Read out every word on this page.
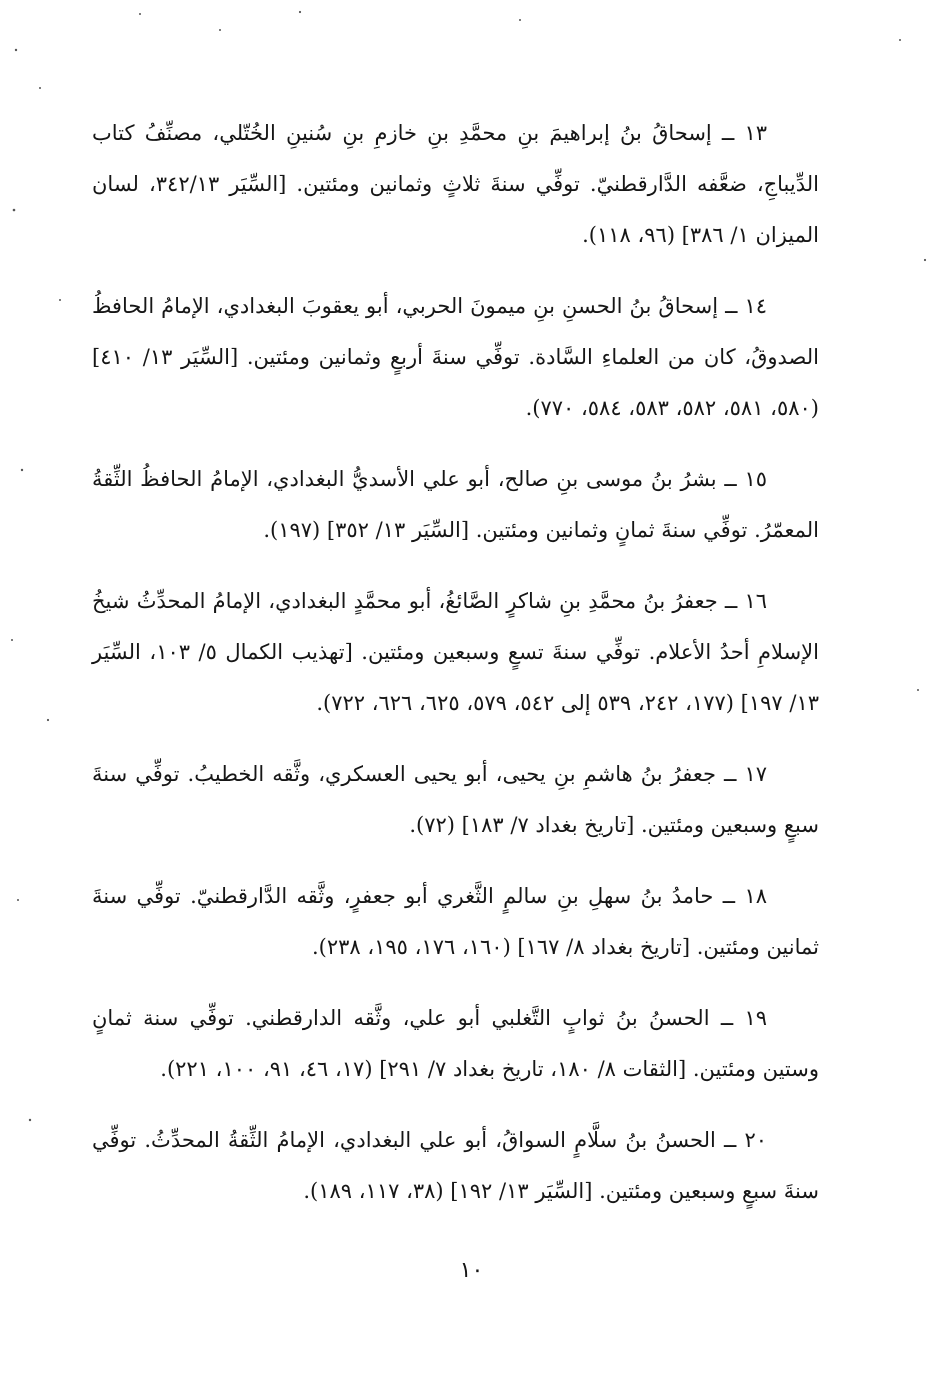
١٣ ــ إسحاقُ بنُ إبراهيمَ بنِ محمَّدِ بنِ خازمِ بنِ سُنينِ الخُتّلي، مصنِّفُ كتاب الدِّيباجِ، ضعَّفه الدَّارقطنيّ. توفِّي سنةَ ثلاثٍ وثمانين ومئتين. [السِّيَر ٣٤٢/١٣، لسان الميزان ١/ ٣٨٦] (٩٦، ١١٨).

١٤ ــ إسحاقُ بنُ الحسنِ بنِ ميمونَ الحربي، أبو يعقوبَ البغدادي، الإمامُ الحافظُ الصدوقُ، كان من العلماءِ السَّادة. توفِّي سنةَ أربعٍ وثمانين ومئتين. [السِّيَر ١٣/ ٤١٠] (٥٨٠، ٥٨١، ٥٨٢، ٥٨٣، ٥٨٤، ٧٧٠).

١٥ ــ بشرُ بنُ موسى بنِ صالح، أبو علي الأسديُّ البغدادي، الإمامُ الحافظُ الثِّقةُ المعمّرُ. توفِّي سنةَ ثمانٍ وثمانين ومئتين. [السِّيَر ١٣/ ٣٥٢] (١٩٧).

١٦ ــ جعفرُ بنُ محمَّدِ بنِ شاكرٍ الصَّائغُ، أبو محمَّدٍ البغدادي، الإمامُ المحدِّثُ شيخُ الإسلامِ أحدُ الأعلام. توفِّي سنةَ تسعٍ وسبعين ومئتين. [تهذيب الكمال ٥/ ١٠٣، السِّيَر ١٣/ ١٩٧] (١٧٧، ٢٤٢، ٥٣٩ إلى ٥٤٢، ٥٧٩، ٦٢٥، ٦٢٦، ٧٢٢).

١٧ ــ جعفرُ بنُ هاشمِ بنِ يحيى، أبو يحيى العسكري، وثَّقه الخطيبُ. توفِّي سنةَ سبعٍ وسبعين ومئتين. [تاريخ بغداد ٧/ ١٨٣] (٧٢).

١٨ ــ حامدُ بنُ سهلِ بنِ سالمٍ الثَّغري أبو جعفرٍ، وثَّقه الدَّارقطنيّ. توفِّي سنةَ ثمانين ومئتين. [تاريخ بغداد ٨/ ١٦٧] (١٦٠، ١٧٦، ١٩٥، ٢٣٨).

١٩ ــ الحسنُ بنُ ثوابٍ التَّغلبي أبو علي، وثَّقه الدارقطني. توفِّي سنة ثمانٍ وستين ومئتين. [الثقات ٨/ ١٨٠، تاريخ بغداد ٧/ ٢٩١] (١٧، ٤٦، ٩١، ١٠٠، ٢٢١).

٢٠ ــ الحسنُ بنُ سلَّامٍ السواقُ، أبو علي البغدادي، الإمامُ الثِّقةُ المحدِّثُ. توفِّي سنةَ سبعٍ وسبعين ومئتين. [السِّيَر ١٣/ ١٩٢] (٣٨، ١١٧، ١٨٩).

١٠
